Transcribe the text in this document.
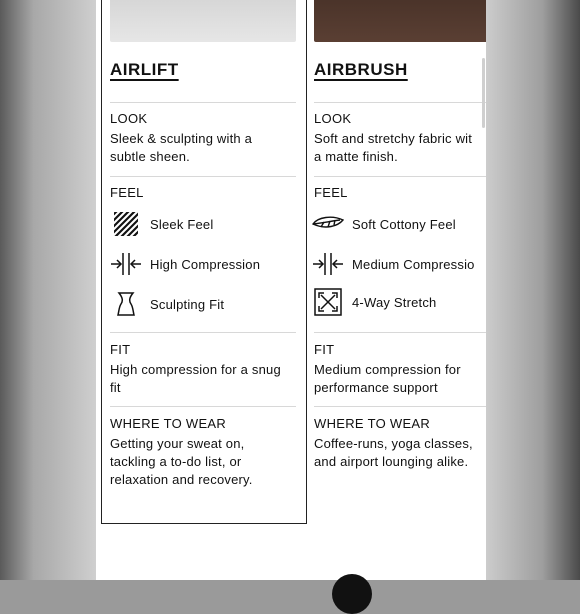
AIRLIFT
LOOK
Sleek & sculpting with a
subtle sheen.
FEEL
Sleek Feel
High Compression
Sculpting Fit
FIT
High compression for a snug
fit
WHERE TO WEAR
Getting your sweat on,
tackling a to-do list, or
relaxation and recovery.
AIRBRUSH
LOOK
Soft and stretchy fabric wit
a matte finish.
FEEL
Soft Cottony Feel
Medium Compressio
4-Way Stretch
FIT
Medium compression for
performance support
WHERE TO WEAR
Coffee-runs, yoga classes,
and airport lounging alike.
